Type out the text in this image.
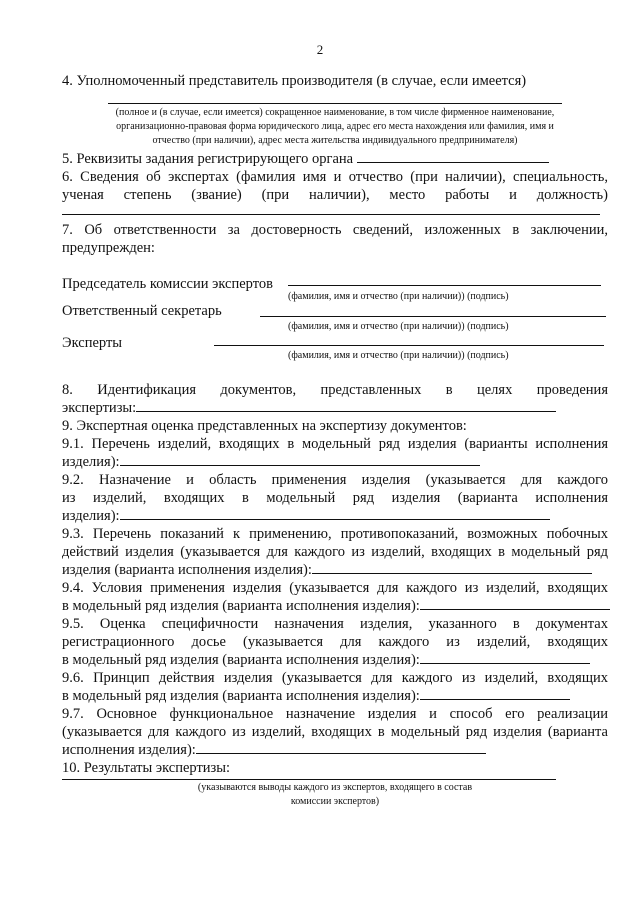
2
4. Уполномоченный представитель производителя (в случае, если имеется)
(полное и (в случае, если имеется) сокращенное наименование, в том числе фирменное наименование,
организационно-правовая форма юридического лица, адрес его места нахождения или фамилия, имя и
отчество (при наличии), адрес места жительства индивидуального предпринимателя)
5. Реквизиты задания регистрирующего органа
6. Сведения об экспертах (фамилия имя и отчество (при наличии), специальность,
ученая степень (звание) (при наличии), место работы и должность)
7. Об ответственности за достоверность сведений, изложенных в заключении,
предупрежден:
Председатель комиссии экспертов
(фамилия, имя и отчество (при наличии)) (подпись)
Ответственный секретарь
(фамилия, имя и отчество (при наличии)) (подпись)
Эксперты
(фамилия, имя и отчество (при наличии)) (подпись)
8. Идентификация документов, представленных в целях проведения
экспертизы:
9. Экспертная оценка представленных на экспертизу документов:
9.1. Перечень изделий, входящих в модельный ряд изделия (варианты исполнения
изделия):
9.2. Назначение и область применения изделия (указывается для каждого
из изделий, входящих в модельный ряд изделия (варианта исполнения
изделия):
9.3. Перечень показаний к применению, противопоказаний, возможных побочных
действий изделия (указывается для каждого из изделий, входящих в модельный ряд
изделия (варианта исполнения изделия):
9.4. Условия применения изделия (указывается для каждого из изделий, входящих
в модельный ряд изделия (варианта исполнения изделия):
9.5. Оценка специфичности назначения изделия, указанного в документах
регистрационного досье (указывается для каждого из изделий, входящих
в модельный ряд изделия (варианта исполнения изделия):
9.6. Принцип действия изделия (указывается для каждого из изделий, входящих
в модельный ряд изделия (варианта исполнения изделия):
9.7. Основное функциональное назначение изделия и способ его реализации
(указывается для каждого из изделий, входящих в модельный ряд изделия (варианта
исполнения изделия):
10. Результаты экспертизы:
(указываются выводы каждого из экспертов, входящего в состав
комиссии экспертов)
